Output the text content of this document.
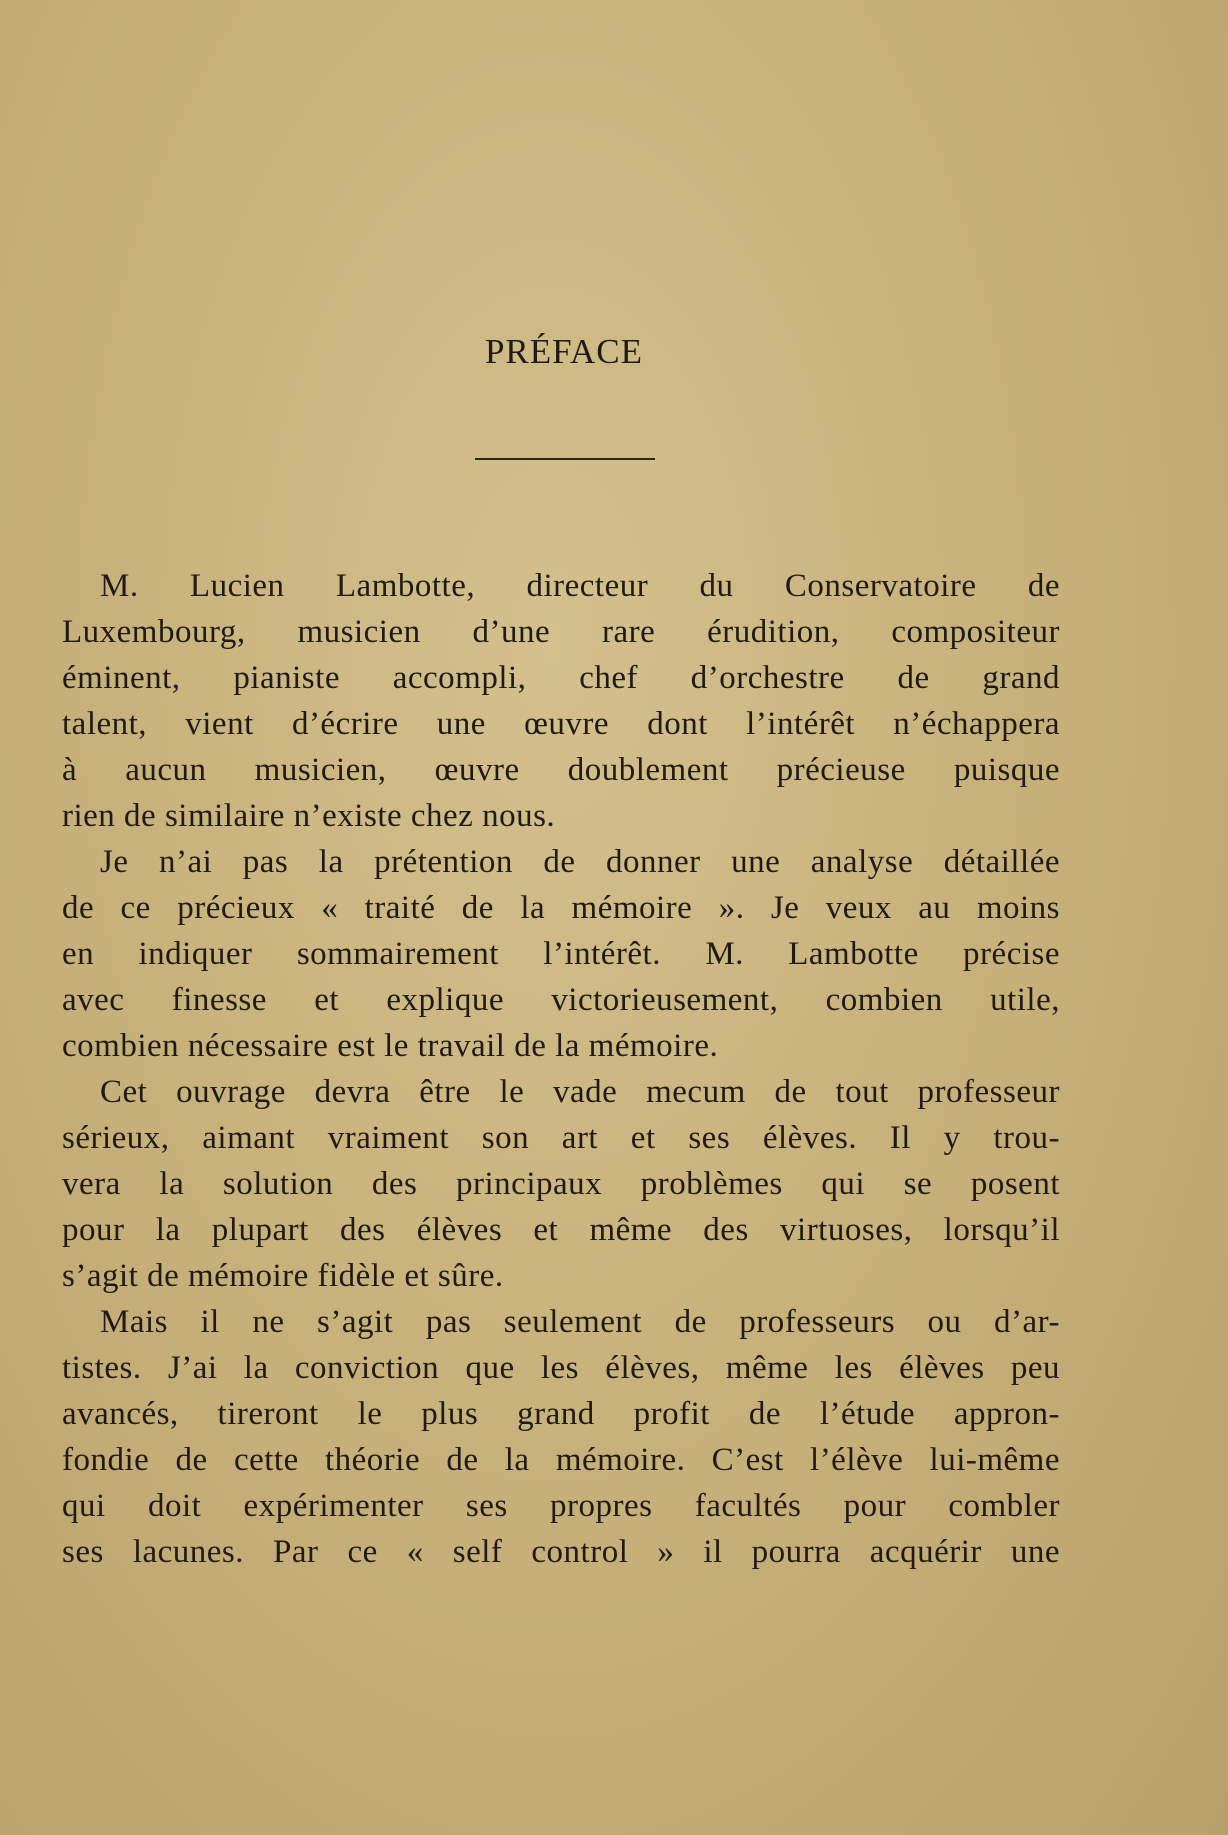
PRÉFACE

M. Lucien Lambotte, directeur du Conservatoire de

Luxembourg, musicien d’une rare érudition, compositeur

éminent, pianiste accompli, chef d’orchestre de grand

talent, vient d’écrire une œuvre dont l’intérêt n’échappera

à aucun musicien, œuvre doublement précieuse puisque

rien de similaire n’existe chez nous.

Je n’ai pas la prétention de donner une analyse détaillée

de ce précieux « traité de la mémoire ». Je veux au moins

en indiquer sommairement l’intérêt. M. Lambotte précise

avec finesse et explique victorieusement, combien utile,

combien nécessaire est le travail de la mémoire.

Cet ouvrage devra être le vade mecum de tout professeur

sérieux, aimant vraiment son art et ses élèves. Il y trou-

vera la solution des principaux problèmes qui se posent

pour la plupart des élèves et même des virtuoses, lorsqu’il

s’agit de mémoire fidèle et sûre.

Mais il ne s’agit pas seulement de professeurs ou d’ar-

tistes. J’ai la conviction que les élèves, même les élèves peu

avancés, tireront le plus grand profit de l’étude appron-

fondie de cette théorie de la mémoire. C’est l’élève lui-même

qui doit expérimenter ses propres facultés pour combler

ses lacunes. Par ce « self control » il pourra acquérir une
